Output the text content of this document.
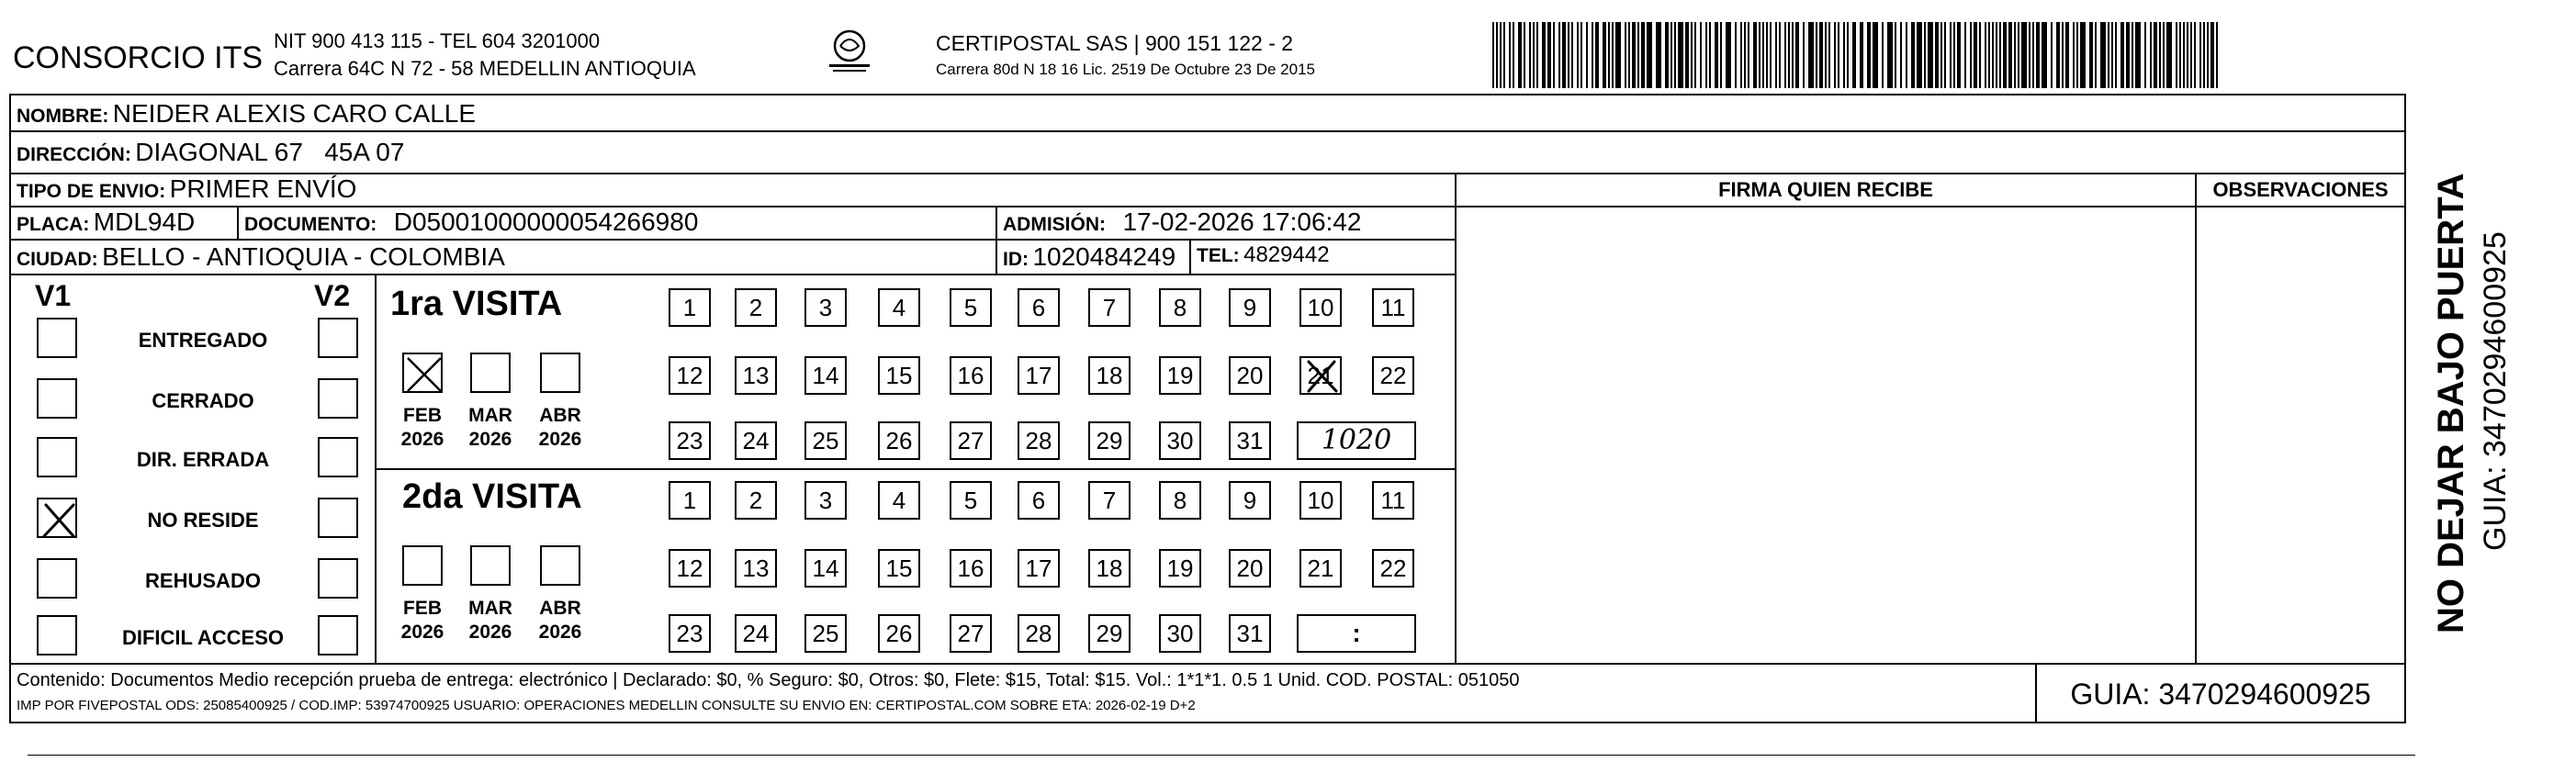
CONSORCIO ITS NIT 900 413 115 - TEL 604 3201000
Carrera 64C N 72 - 58 MEDELLIN ANTIOQUIA
CERTIPOSTAL SAS | 900 151 122 - 2
Carrera 80d N 18 16 Lic. 2519 De Octubre 23 De 2015
NOMBRE: NEIDER ALEXIS CARO CALLE
DIRECCIÓN: DIAGONAL 67   45A 07
TIPO DE ENVIO: PRIMER ENVÍO	FIRMA QUIEN RECIBE	OBSERVACIONES
PLACA: MDL94D	DOCUMENTO: D05001000000054266980	ADMISIÓN: 17-02-2026 17:06:42
CIUDAD: BELLO - ANTIOQUIA - COLOMBIA	ID: 1020484249 TEL: 4829442
V1	V2
ENTREGADO
CERRADO
DIR. ERRADA
NO RESIDE
REHUSADO
DIFICIL ACCESO
1ra VISITA
2da VISITA
1	2	3	4	5	6	7	8	9	10	11
12	13	14	15	16	17	18	19	20	21	22
23	24	25	26	27	28	29	30	31	1020
FEB
2026
MAR
2026
ABR
2026
1	2	3	4	5	6	7	8	9	10	11
12	13	14	15	16	17	18	19	20	21	22
23	24	25	26	27	28	29	30	31	:
FEB
2026
MAR
2026
ABR
2026
Contenido: Documentos Medio recepción prueba de entrega: electrónico | Declarado: $0, % Seguro: $0, Otros: $0, Flete: $15, Total: $15. Vol.: 1*1*1. 0.5 1 Unid. COD. POSTAL: 051050
IMP POR FIVEPOSTAL ODS: 25085400925 / COD.IMP: 53974700925 USUARIO: OPERACIONES MEDELLIN CONSULTE SU ENVIO EN: CERTIPOSTAL.COM SOBRE ETA: 2026-02-19 D+2	GUIA: 3470294600925
NO DEJAR BAJO PUERTA GUIA: 3470294600925
